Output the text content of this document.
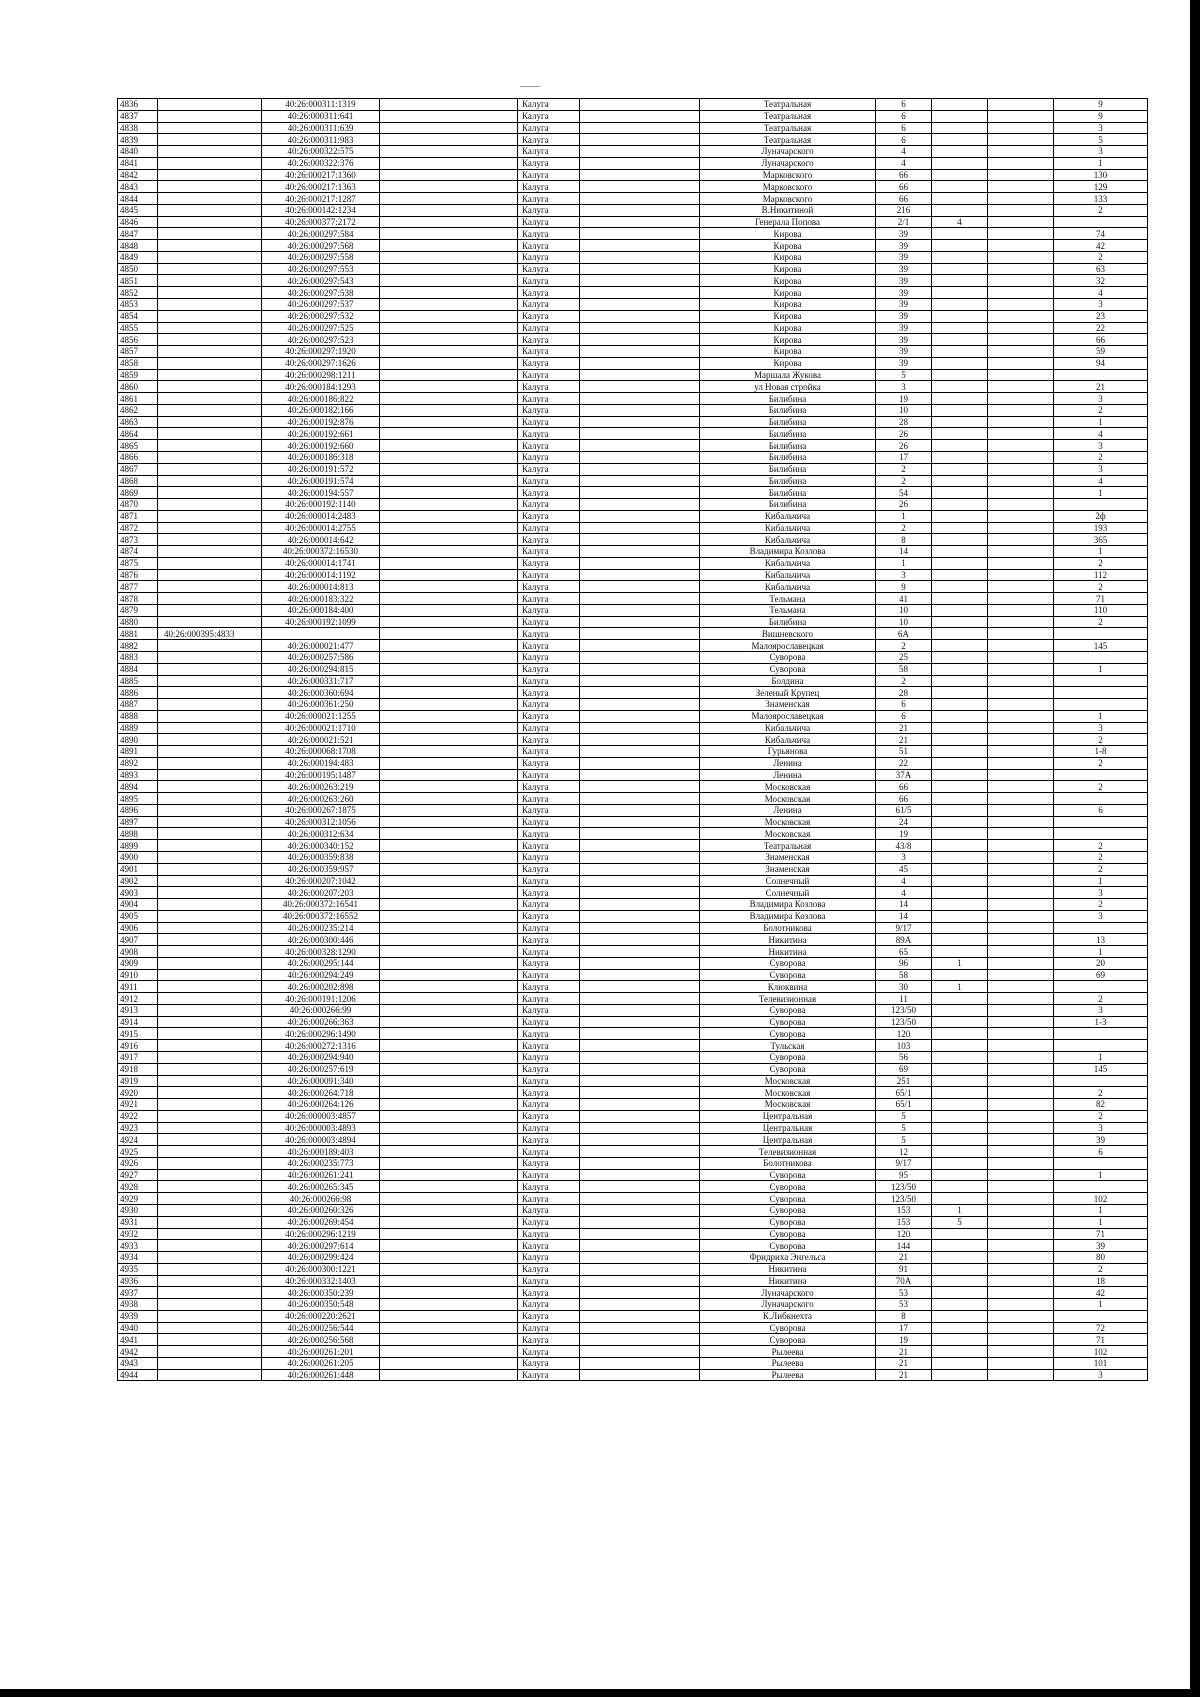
4836		40:26:000311:1319		Калуга		Театральная	6			9
4837		40:26:000311:641		Калуга		Театральная	6			9
4838		40:26:000311:639		Калуга		Театральная	6			3
4839		40:26:000311:983		Калуга		Театральная	6			5
4840		40:26:000322:575		Калуга		Луначарского	4			3
4841		40:26:000322:376		Калуга		Луначарского	4			1
4842		40:26:000217:1360		Калуга		Марковского	66			130
4843		40:26:000217:1363		Калуга		Марковского	66			129
4844		40:26:000217:1287		Калуга		Марковского	66			133
4845		40:26:000142:1234		Калуга		В.Никитиной	216			2
4846		40:26:000377:2172		Калуга		Генерала Попова	2/1	4		
4847		40:26:000297:584		Калуга		Кирова	39			74
4848		40:26:000297:568		Калуга		Кирова	39			42
4849		40:26:000297:558		Калуга		Кирова	39			2
4850		40:26:000297:553		Калуга		Кирова	39			63
4851		40:26:000297:543		Калуга		Кирова	39			32
4852		40:26:000297:538		Калуга		Кирова	39			4
4853		40:26:000297:537		Калуга		Кирова	39			3
4854		40:26:000297:532		Калуга		Кирова	39			23
4855		40:26:000297:525		Калуга		Кирова	39			22
4856		40:26:000297:523		Калуга		Кирова	39			66
4857		40:26:000297:1920		Калуга		Кирова	39			59
4858		40:26:000297:1626		Калуга		Кирова	39			94
4859		40:26:000298:1211		Калуга		Маршала Жукова	5			
4860		40:26:000184:1293		Калуга		ул Новая стройка	3			21
4861		40:26:000186:822		Калуга		Билибина	19			3
4862		40:26:000182:166		Калуга		Билибина	10			2
4863		40:26:000192:876		Калуга		Билибина	28			1
4864		40:26:000192:661		Калуга		Билибина	26			4
4865		40:26:000192:660		Калуга		Билибина	26			3
4866		40:26:000186:318		Калуга		Билибина	17			2
4867		40:26:000191:572		Калуга		Билибина	2			3
4868		40:26:000191:574		Калуга		Билибина	2			4
4869		40:26:000194:557		Калуга		Билибина	54			1
4870		40:26:000192:1140		Калуга		Билибина	26			
4871		40:26:000014:2483		Калуга		Кибальчича	1			2ф
4872		40:26:000014:2755		Калуга		Кибальчича	2			193
4873		40:26:000014:642		Калуга		Кибальчича	8			365
4874		40:26:000372:16530		Калуга		Владимира Козлова	14			1
4875		40:26:000014:1741		Калуга		Кибальчича	1			2
4876		40:26:000014:1192		Калуга		Кибальчича	3			112
4877		40:26:000014:813		Калуга		Кибальчича	9			2
4878		40:26:000183:322		Калуга		Тельмана	41			71
4879		40:26:000184:400		Калуга		Тельмана	10			110
4880		40:26:000192:1099		Калуга		Билибина	10			2
4881	40:26:000395:4833			Калуга		Вишневского	6А			
4882		40:26:000021:477		Калуга		Малоярославецкая	2			145
4883		40:26:000257:586		Калуга		Суворова	25			
4884		40:26:000294:815		Калуга		Суворова	58			1
4885		40:26:000331:717		Калуга		Болдина	2			
4886		40:26:000360:694		Калуга		Зеленый Крупец	28			
4887		40:26:000361:250		Калуга		Знаменская	6			
4888		40:26:000021:1255		Калуга		Малоярославецкая	6			1
4889		40:26:000021:1710		Калуга		Кибальчича	21			3
4890		40:26:000021:521		Калуга		Кибальчича	21			2
4891		40:26:000068:1708		Калуга		Гурьянова	51			1-8
4892		40:26:000194:483		Калуга		Ленина	22			2
4893		40:26:000195:1487		Калуга		Ленина	37А			
4894		40:26:000263:219		Калуга		Московская	66			2
4895		40:26:000263:260		Калуга		Московская	66			
4896		40:26:000267:1875		Калуга		Ленина	61/5			6
4897		40:26:000312:1056		Калуга		Московская	24			
4898		40:26:000312:634		Калуга		Московская	19			
4899		40:26:000340:152		Калуга		Театральная	43/8			2
4900		40:26:000359:838		Калуга		Знаменская	3			2
4901		40:26:000359:957		Калуга		Знаменская	45			2
4902		40:26:000207:1042		Калуга		Солнечный	4			1
4903		40:26:000207:203		Калуга		Солнечный	4			3
4904		40:26:000372:16541		Калуга		Владимира Козлова	14			2
4905		40:26:000372:16552		Калуга		Владимира Козлова	14			3
4906		40:26:000235:214		Калуга		Болотникова	9/17			
4907		40:26:000300:446		Калуга		Никитина	89А			13
4908		40:26:000328:1290		Калуга		Никитина	65			1
4909		40:26:000295:144		Калуга		Суворова	96	1		20
4910		40:26:000294:249		Калуга		Суворова	58			69
4911		40:26:000202:898		Калуга		Клюквина	30	1		
4912		40:26:000191:1206		Калуга		Телевизионная	11			2
4913		40:26:000266:99		Калуга		Суворова	123/50			3
4914		40:26:000266:363		Калуга		Суворова	123/50			1-3
4915		40:26:000296:1490		Калуга		Суворова	120			
4916		40:26:000272:1316		Калуга		Тульская	103			
4917		40:26:000294:940		Калуга		Суворова	56			1
4918		40:26:000257:619		Калуга		Суворова	69			145
4919		40:26:000091:340		Калуга		Московская	251			
4920		40:26:000264:718		Калуга		Московская	65/1			2
4921		40:26:000264:126		Калуга		Московская	65/1			82
4922		40:26:000003:4857		Калуга		Центральная	5			2
4923		40:26:000003:4893		Калуга		Центральная	5			3
4924		40:26:000003:4894		Калуга		Центральная	5			39
4925		40:26:000189:403		Калуга		Телевизионная	12			6
4926		40:26:000235:773		Калуга		Болотникова	9/17			
4927		40:26:000261:241		Калуга		Суворова	95			1
4928		40:26:000265:345		Калуга		Суворова	123/50			
4929		40:26:000266:98		Калуга		Суворова	123/50			102
4930		40:26:000260:326		Калуга		Суворова	153	1		1
4931		40:26:000269:454		Калуга		Суворова	153	5		1
4932		40:26:000296:1219		Калуга		Суворова	120			71
4933		40:26:000297:614		Калуга		Суворова	144			39
4934		40:26:000299:424		Калуга		Фридриха Энгельса	21			80
4935		40:26:000300:1221		Калуга		Никитина	91			2
4936		40:26:000332:1403		Калуга		Никитина	70А			18
4937		40:26:000350:239		Калуга		Луначарского	53			42
4938		40:26:000350:548		Калуга		Луначарского	53			1
4939		40:26:000220:2621		Калуга		К.Либкнехта	8			
4940		40:26:000256:544		Калуга		Суворова	17			72
4941		40:26:000256:568		Калуга		Суворова	19			71
4942		40:26:000261:201		Калуга		Рылеева	21			102
4943		40:26:000261:205		Калуга		Рылеева	21			101
4944		40:26:000261:448		Калуга		Рылеева	21			3
